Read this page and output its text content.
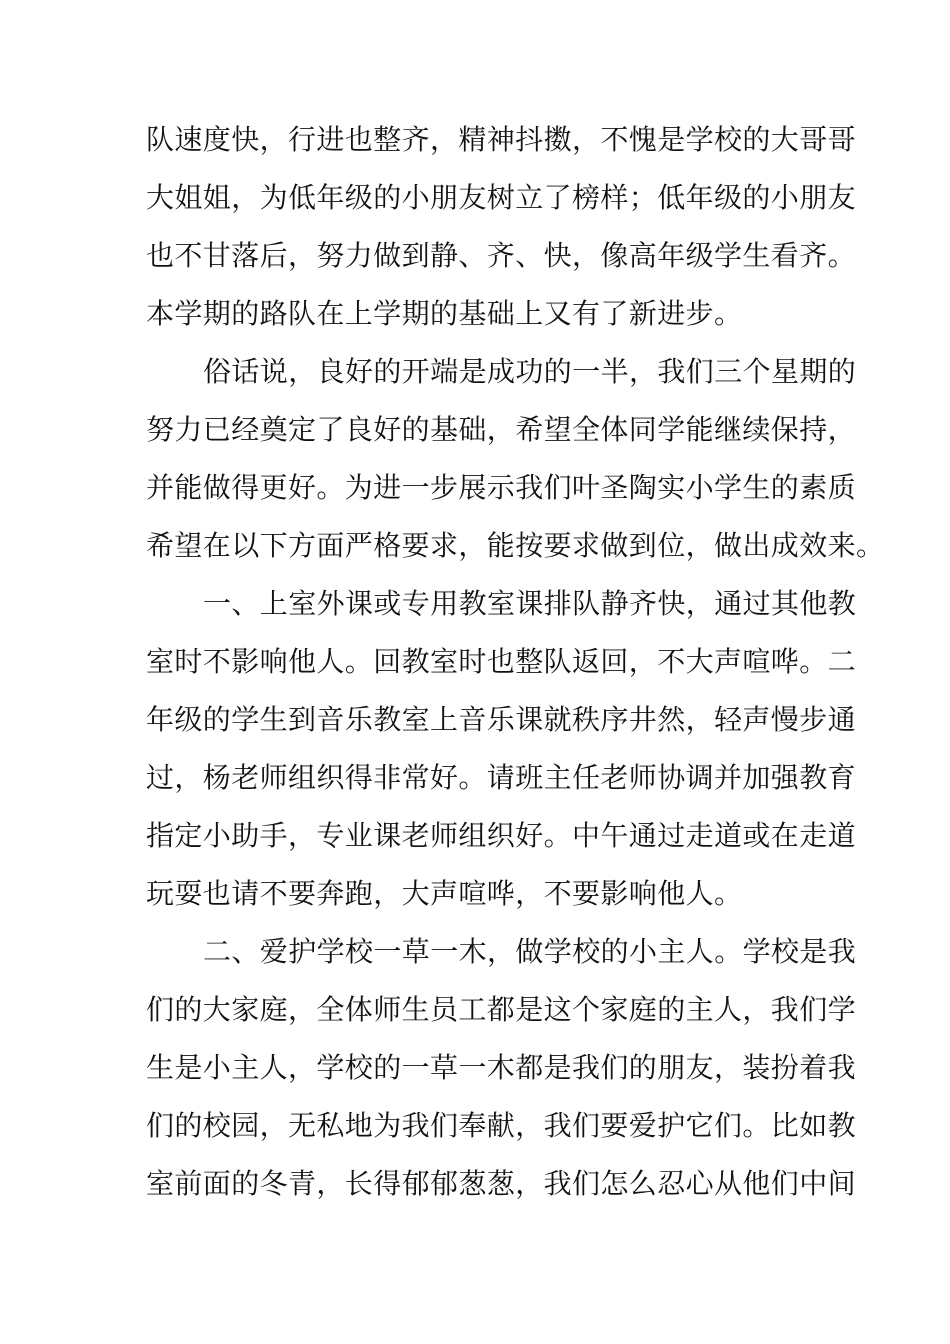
队速度快，行进也整齐，精神抖擞，不愧是学校的大哥哥
大姐姐，为低年级的小朋友树立了榜样；低年级的小朋友
也不甘落后，努力做到静、齐、快，像高年级学生看齐。
本学期的路队在上学期的基础上又有了新进步。
俗话说，良好的开端是成功的一半，我们三个星期的
努力已经奠定了良好的基础，希望全体同学能继续保持，
并能做得更好。为进一步展示我们叶圣陶实小学生的素质
希望在以下方面严格要求，能按要求做到位，做出成效来。
一、上室外课或专用教室课排队静齐快，通过其他教
室时不影响他人。回教室时也整队返回，不大声喧哗。二
年级的学生到音乐教室上音乐课就秩序井然，轻声慢步通
过，杨老师组织得非常好。请班主任老师协调并加强教育
指定小助手，专业课老师组织好。中午通过走道或在走道
玩耍也请不要奔跑，大声喧哗，不要影响他人。
二、爱护学校一草一木，做学校的小主人。学校是我
们的大家庭，全体师生员工都是这个家庭的主人，我们学
生是小主人，学校的一草一木都是我们的朋友，装扮着我
们的校园，无私地为我们奉献，我们要爱护它们。比如教
室前面的冬青，长得郁郁葱葱，我们怎么忍心从他们中间
